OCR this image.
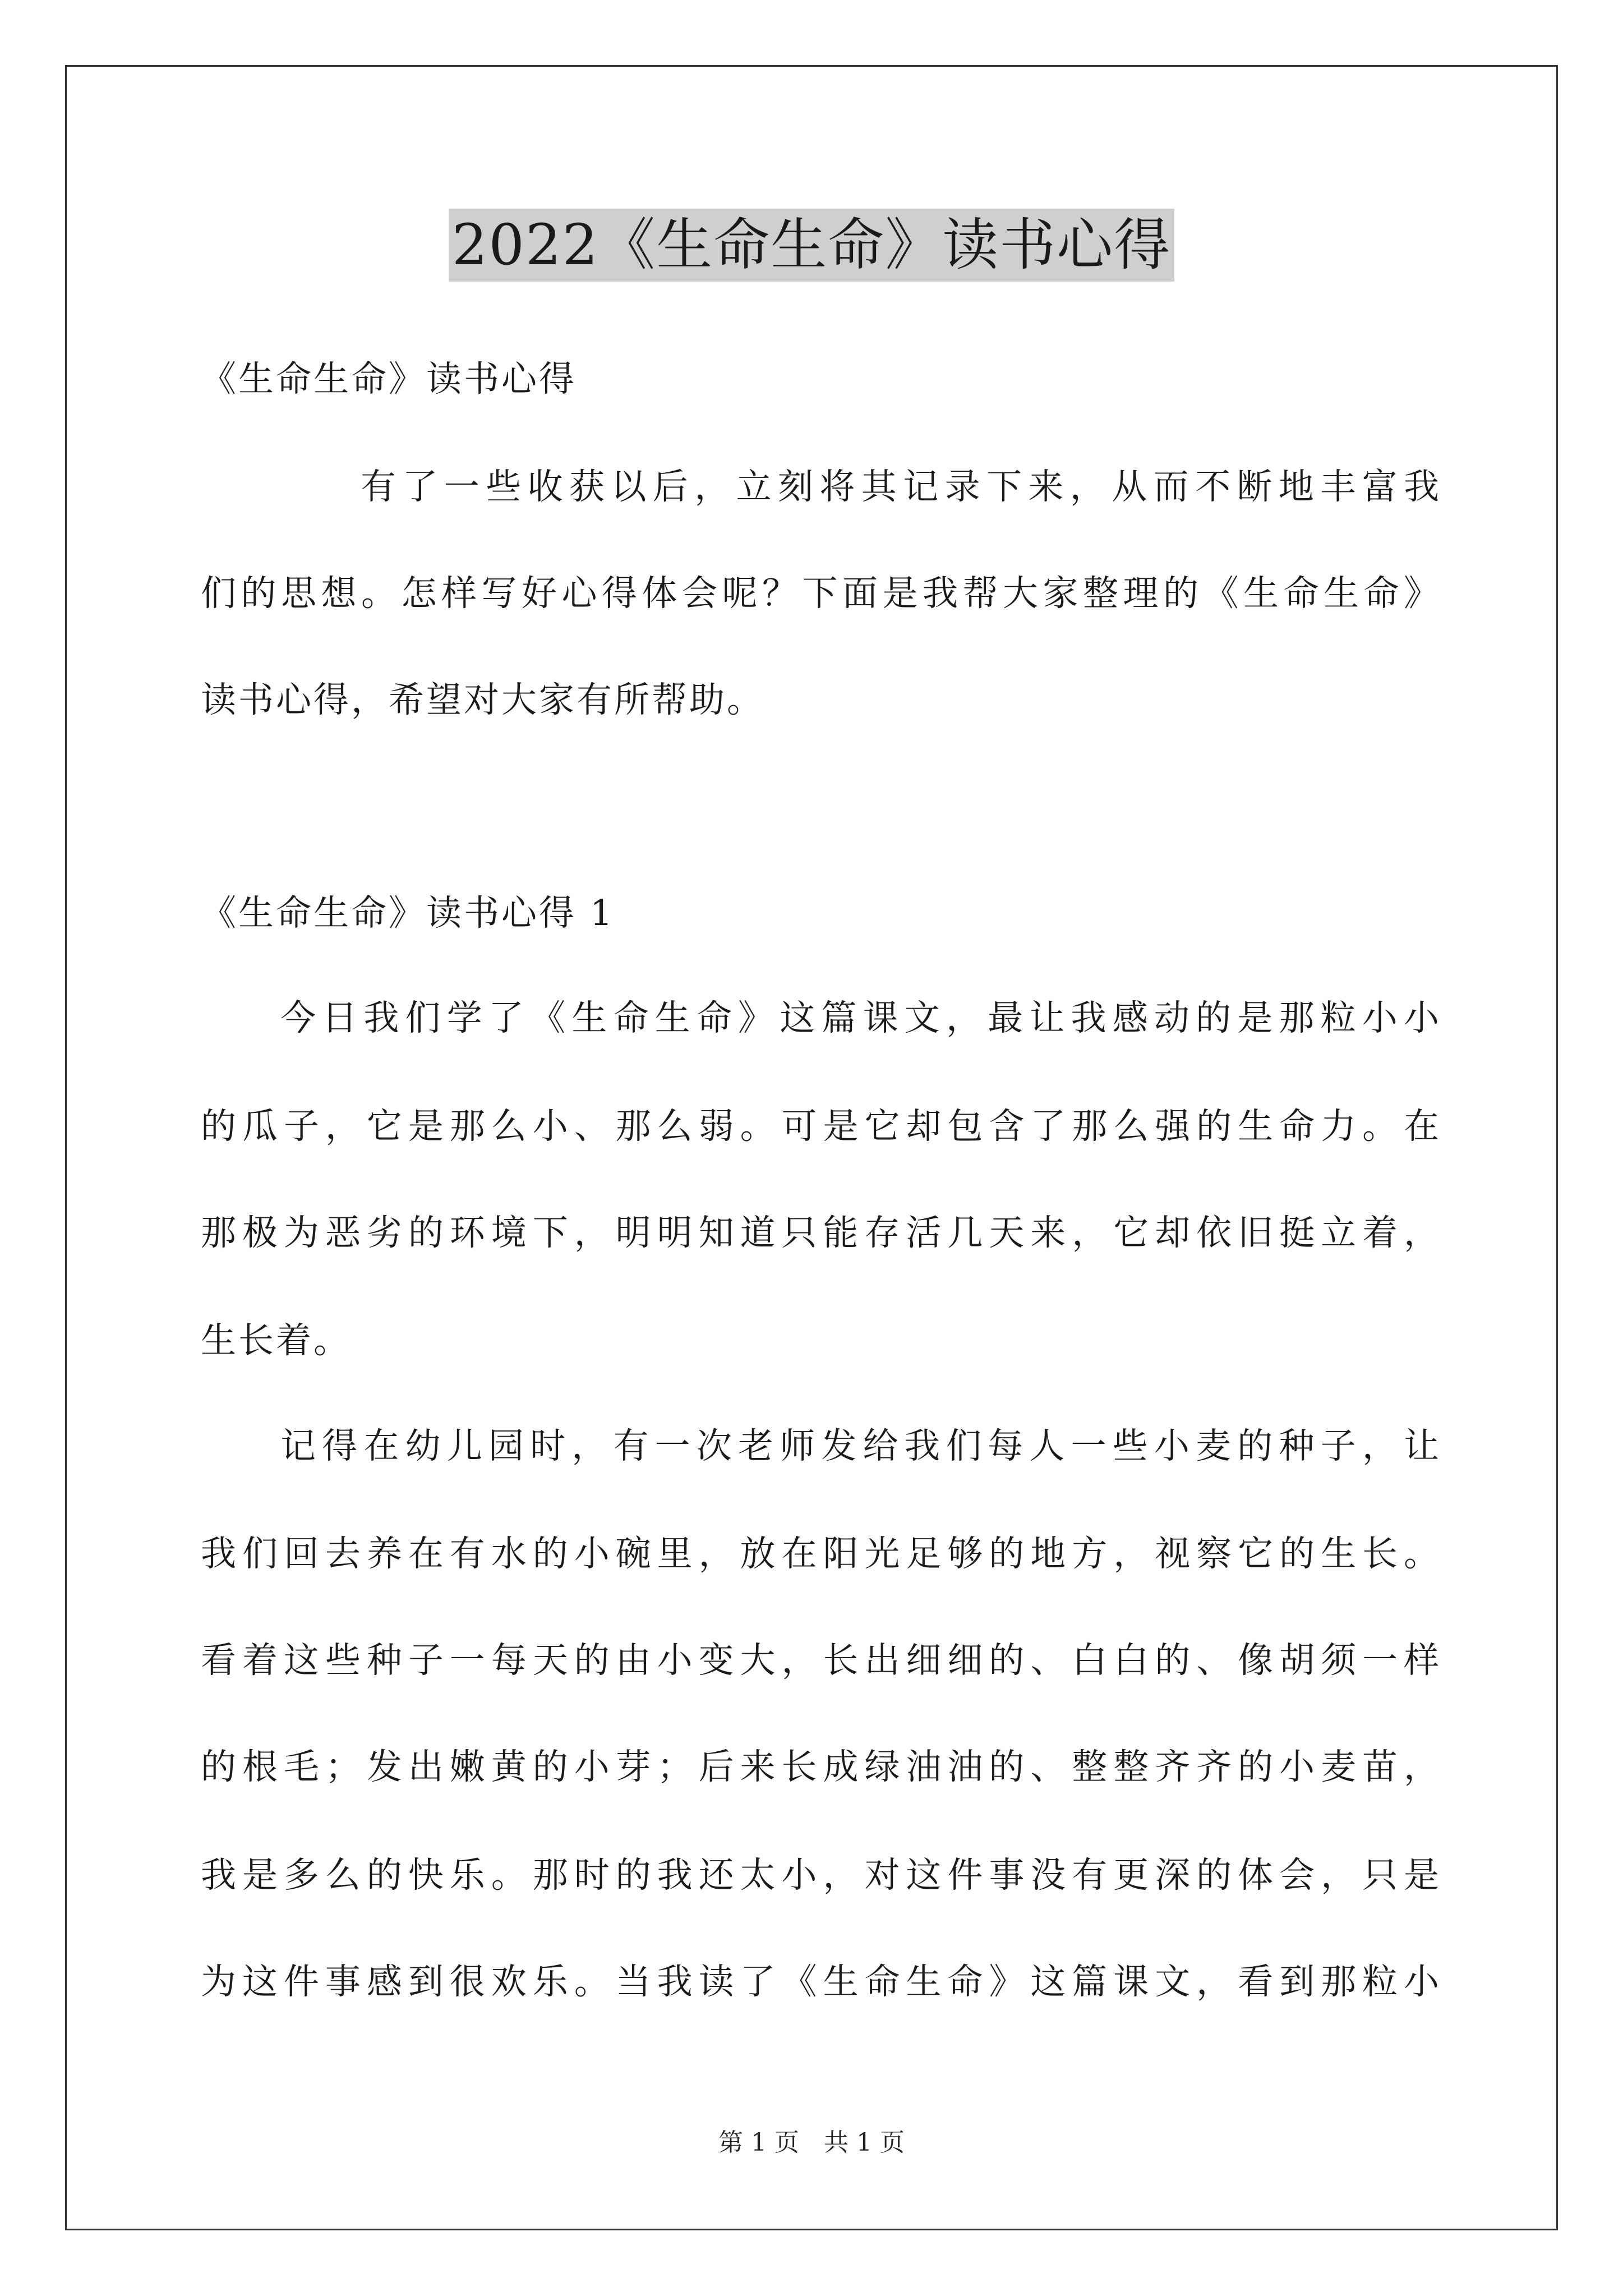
2022《生命生命》读书心得
《生命生命》读书心得
有了一些收获以后，立刻将其记录下来，从而不断地丰富我
们的思想。怎样写好心得体会呢？下面是我帮大家整理的《生命生命》
读书心得，希望对大家有所帮助。
《生命生命》读书心得 1
今日我们学了《生命生命》这篇课文，最让我感动的是那粒小小
的瓜子，它是那么小、那么弱。可是它却包含了那么强的生命力。在
那极为恶劣的环境下，明明知道只能存活几天来，它却依旧挺立着，
生长着。
记得在幼儿园时，有一次老师发给我们每人一些小麦的种子，让
我们回去养在有水的小碗里，放在阳光足够的地方，视察它的生长。
看着这些种子一每天的由小变大，长出细细的、白白的、像胡须一样
的根毛；发出嫩黄的小芽；后来长成绿油油的、整整齐齐的小麦苗，
我是多么的快乐。那时的我还太小，对这件事没有更深的体会，只是
为这件事感到很欢乐。当我读了《生命生命》这篇课文，看到那粒小
第 1 页　共 1 页
